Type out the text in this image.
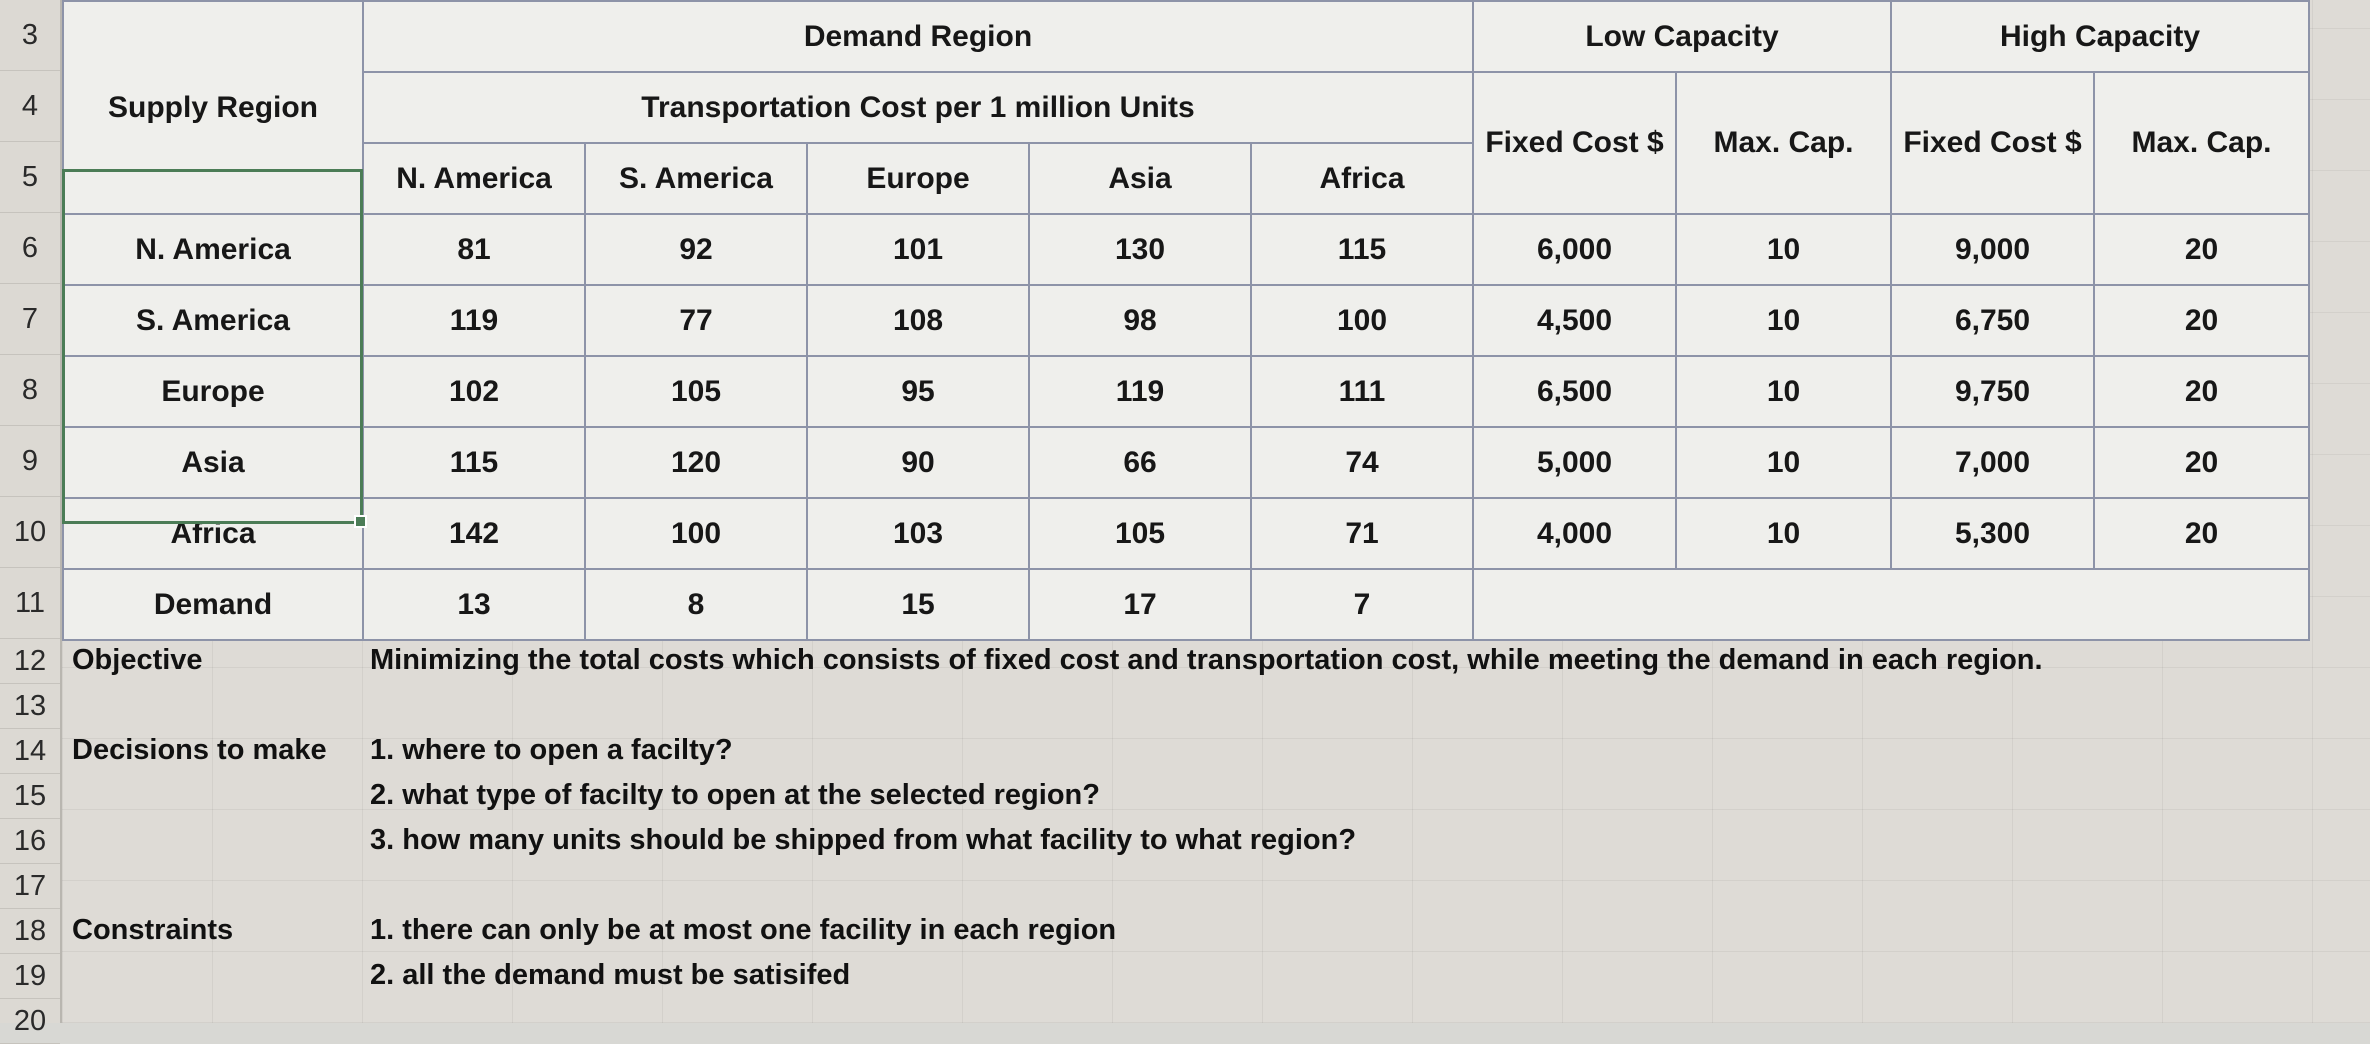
3
4
5
6
7
8
9
10
11
12
13
14
15
16
17
18
19
20
Supply Region	Demand Region					Low Capacity		High Capacity	
	Transportation Cost per 1 million Units					Fixed Cost $	Max. Cap.	Fixed Cost $	Max. Cap.
	N. America	S. America	Europe	Asia	Africa				
N. America	81	92	101	130	115	6,000	10	9,000	20
S. America	119	77	108	98	100	4,500	10	6,750	20
Europe	102	105	95	119	111	6,500	10	9,750	20
Asia	115	120	90	66	74	5,000	10	7,000	20
Africa	142	100	103	105	71	4,000	10	5,300	20
Demand	13	8	15	17	7				
Objective	Minimizing the total costs which consists of fixed cost and transportation cost, while meeting the demand in each region.
Decisions to make	1. where to open a facilty?
2. what type of facilty to open at the selected region?
3. how many units should be shipped from what facility to what region?
Constraints	1. there can only be at most one facility in each region
2. all the demand must be satisifed
